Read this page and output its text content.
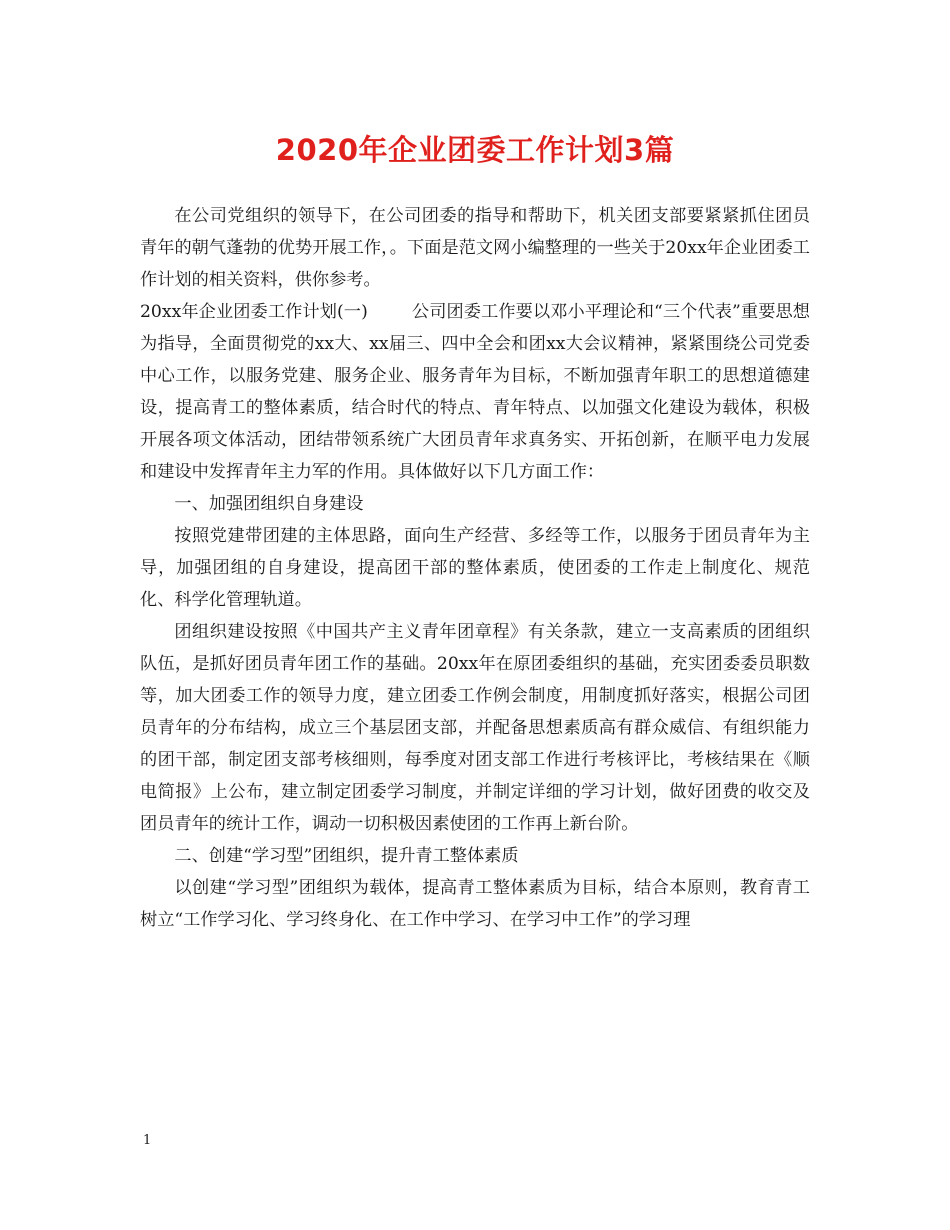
2020年企业团委工作计划3篇

在公司党组织的领导下，在公司团委的指导和帮助下，机关团支部要紧紧抓住团员青年的朝气蓬勃的优势开展工作，。下面是范文网小编整理的一些关于20xx年企业团委工作计划的相关资料，供你参考。

20xx年企业团委工作计划(一)	公司团委工作要以邓小平理论和“三个代表”重要思想为指导，全面贯彻党的xx大、xx届三、四中全会和团xx大会议精神，紧紧围绕公司党委中心工作，以服务党建、服务企业、服务青年为目标，不断加强青年职工的思想道德建设，提高青工的整体素质，结合时代的特点、青年特点、以加强文化建设为载体，积极开展各项文体活动，团结带领系统广大团员青年求真务实、开拓创新，在顺平电力发展和建设中发挥青年主力军的作用。具体做好以下几方面工作：

一、加强团组织自身建设

按照党建带团建的主体思路，面向生产经营、多经等工作，以服务于团员青年为主导，加强团组的自身建设，提高团干部的整体素质，使团委的工作走上制度化、规范化、科学化管理轨道。

团组织建设按照《中国共产主义青年团章程》有关条款，建立一支高素质的团组织队伍，是抓好团员青年团工作的基础。20xx年在原团委组织的基础，充实团委委员职数等，加大团委工作的领导力度，建立团委工作例会制度，用制度抓好落实，根据公司团员青年的分布结构，成立三个基层团支部，并配备思想素质高有群众威信、有组织能力的团干部，制定团支部考核细则，每季度对团支部工作进行考核评比，考核结果在《顺电简报》上公布，建立制定团委学习制度，并制定详细的学习计划，做好团费的收交及团员青年的统计工作，调动一切积极因素使团的工作再上新台阶。

二、创建“学习型”团组织，提升青工整体素质

以创建“学习型”团组织为载体，提高青工整体素质为目标，结合本原则，教育青工树立“工作学习化、学习终身化、在工作中学习、在学习中工作”的学习理

1
